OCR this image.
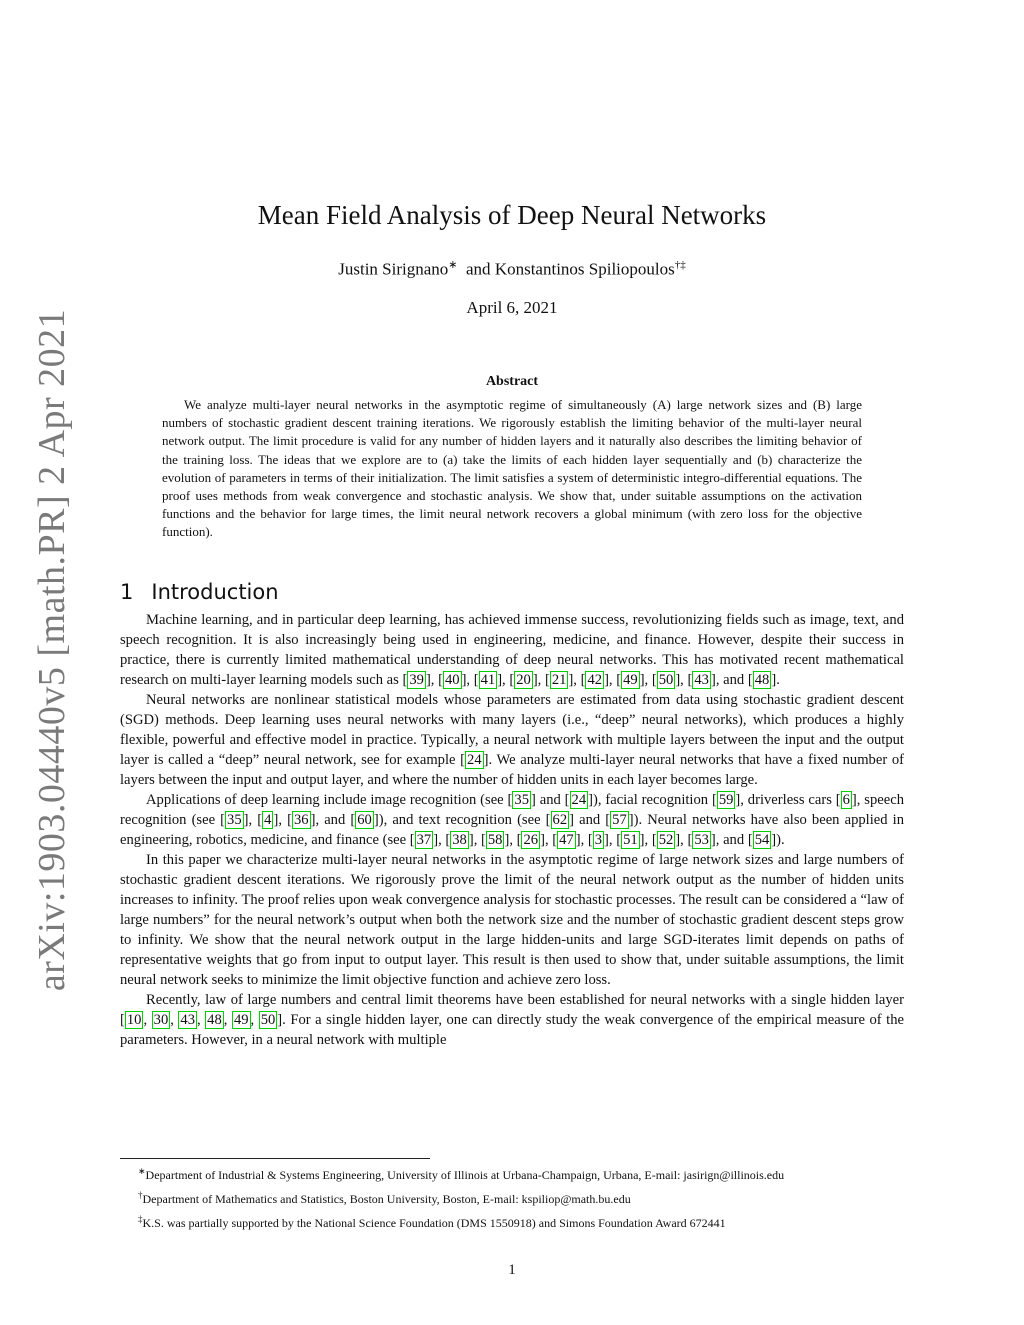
arXiv:1903.04440v5 [math.PR] 2 Apr 2021
Mean Field Analysis of Deep Neural Networks
Justin Sirignano∗ and Konstantinos Spiliopoulos†‡
April 6, 2021
Abstract

We analyze multi-layer neural networks in the asymptotic regime of simultaneously (A) large network sizes and (B) large numbers of stochastic gradient descent training iterations. We rigorously establish the limiting behavior of the multi-layer neural network output. The limit procedure is valid for any number of hidden layers and it naturally also describes the limiting behavior of the training loss. The ideas that we explore are to (a) take the limits of each hidden layer sequentially and (b) characterize the evolution of parameters in terms of their initialization. The limit satisfies a system of deterministic integro-differential equations. The proof uses methods from weak convergence and stochastic analysis. We show that, under suitable assumptions on the activation functions and the behavior for large times, the limit neural network recovers a global minimum (with zero loss for the objective function).

1 Introduction

Machine learning, and in particular deep learning, has achieved immense success, revolutionizing fields such as image, text, and speech recognition. It is also increasingly being used in engineering, medicine, and finance. However, despite their success in practice, there is currently limited mathematical understanding of deep neural networks. This has motivated recent mathematical research on multi-layer learning models such as [ 39 ], [ 40 ], [ 41 ], [ 20 ], [ 21 ], [ 42 ], [ 49 ], [ 50 ], [ 43 ], and [ 48 ].

Neural networks are nonlinear statistical models whose parameters are estimated from data using stochastic gradient descent (SGD) methods. Deep learning uses neural networks with many layers (i.e., “deep” neural networks), which produces a highly flexible, powerful and effective model in practice. Typically, a neural network with multiple layers between the input and the output layer is called a “deep” neural network, see for example [ 24 ]. We analyze multi-layer neural networks that have a fixed number of layers between the input and output layer, and where the number of hidden units in each layer becomes large.

Applications of deep learning include image recognition (see [ 35 ] and [ 24 ]), facial recognition [ 59 ], driverless cars [ 6 ], speech recognition (see [ 35 ], [ 4 ], [ 36 ], and [ 60 ]), and text recognition (see [ 62 ] and [ 57 ]). Neural networks have also been applied in engineering, robotics, medicine, and finance (see [ 37 ], [ 38 ], [ 58 ], [ 26 ], [ 47 ], [ 3 ], [ 51 ], [ 52 ], [ 53 ], and [ 54 ]).

In this paper we characterize multi-layer neural networks in the asymptotic regime of large network sizes and large numbers of stochastic gradient descent iterations. We rigorously prove the limit of the neural network output as the number of hidden units increases to infinity. The proof relies upon weak convergence analysis for stochastic processes. The result can be considered a “law of large numbers” for the neural network’s output when both the network size and the number of stochastic gradient descent steps grow to infinity. We show that the neural network output in the large hidden-units and large SGD-iterates limit depends on paths of representative weights that go from input to output layer. This result is then used to show that, under suitable assumptions, the limit neural network seeks to minimize the limit objective function and achieve zero loss.

Recently, law of large numbers and central limit theorems have been established for neural networks with a single hidden layer [ 10 , 30 , 43 , 48 , 49 , 50 ]. For a single hidden layer, one can directly study the weak convergence of the empirical measure of the parameters. However, in a neural network with multiple

∗Department of Industrial & Systems Engineering, University of Illinois at Urbana-Champaign, Urbana, E-mail: jasirign@illinois.edu

†Department of Mathematics and Statistics, Boston University, Boston, E-mail: kspiliop@math.bu.edu

‡K.S. was partially supported by the National Science Foundation (DMS 1550918) and Simons Foundation Award 672441

1
